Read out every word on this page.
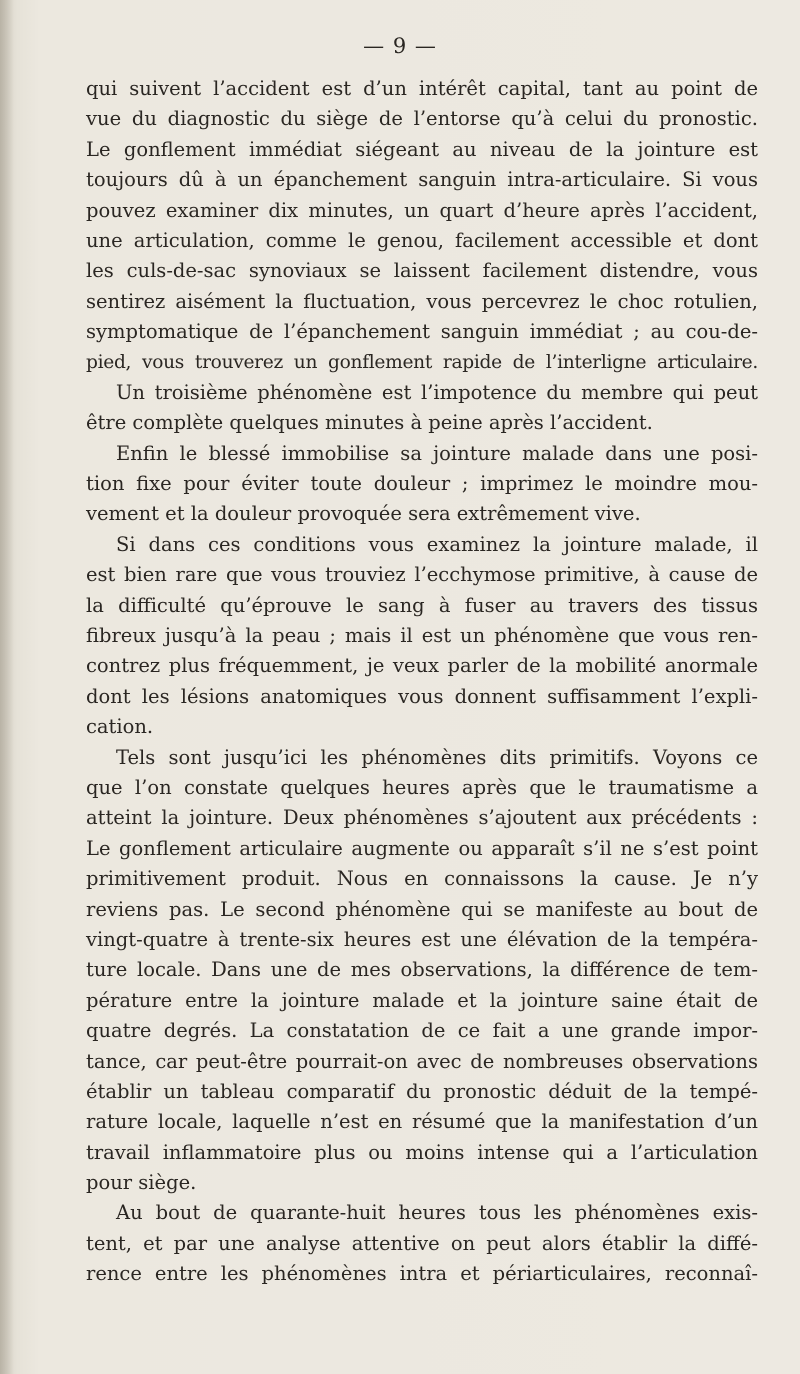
— 9 —
qui suivent l’accident est d’un intérêt capital, tant au point de
vue du diagnostic du siège de l’entorse qu’à celui du pronostic.
Le gonflement immédiat siégeant au niveau de la jointure est
toujours dû à un épanchement sanguin intra-articulaire. Si vous
pouvez examiner dix minutes, un quart d’heure après l’accident,
une articulation, comme le genou, facilement accessible et dont
les culs-de-sac synoviaux se laissent facilement distendre, vous
sentirez aisément la fluctuation, vous percevrez le choc rotulien,
symptomatique de l’épanchement sanguin immédiat ; au cou-de-
pied, vous trouverez un gonflement rapide de l’interligne articulaire.
Un troisième phénomène est l’impotence du membre qui peut
être complète quelques minutes à peine après l’accident.
Enfin le blessé immobilise sa jointure malade dans une posi-
tion fixe pour éviter toute douleur ; imprimez le moindre mou-
vement et la douleur provoquée sera extrêmement vive.
Si dans ces conditions vous examinez la jointure malade, il
est bien rare que vous trouviez l’ecchymose primitive, à cause de
la difficulté qu’éprouve le sang à fuser au travers des tissus
fibreux jusqu’à la peau ; mais il est un phénomène que vous ren-
contrez plus fréquemment, je veux parler de la mobilité anormale
dont les lésions anatomiques vous donnent suffisamment l’expli-
cation.
Tels sont jusqu’ici les phénomènes dits primitifs. Voyons ce
que l’on constate quelques heures après que le traumatisme a
atteint la jointure. Deux phénomènes s’ajoutent aux précédents :
Le gonflement articulaire augmente ou apparaît s’il ne s’est point
primitivement produit. Nous en connaissons la cause. Je n’y
reviens pas. Le second phénomène qui se manifeste au bout de
vingt-quatre à trente-six heures est une élévation de la tempéra-
ture locale. Dans une de mes observations, la différence de tem-
pérature entre la jointure malade et la jointure saine était de
quatre degrés. La constatation de ce fait a une grande impor-
tance, car peut-être pourrait-on avec de nombreuses observations
établir un tableau comparatif du pronostic déduit de la tempé-
rature locale, laquelle n’est en résumé que la manifestation d’un
travail inflammatoire plus ou moins intense qui a l’articulation
pour siège.
Au bout de quarante-huit heures tous les phénomènes exis-
tent, et par une analyse attentive on peut alors établir la diffé-
rence entre les phénomènes intra et périarticulaires, reconnaî-
